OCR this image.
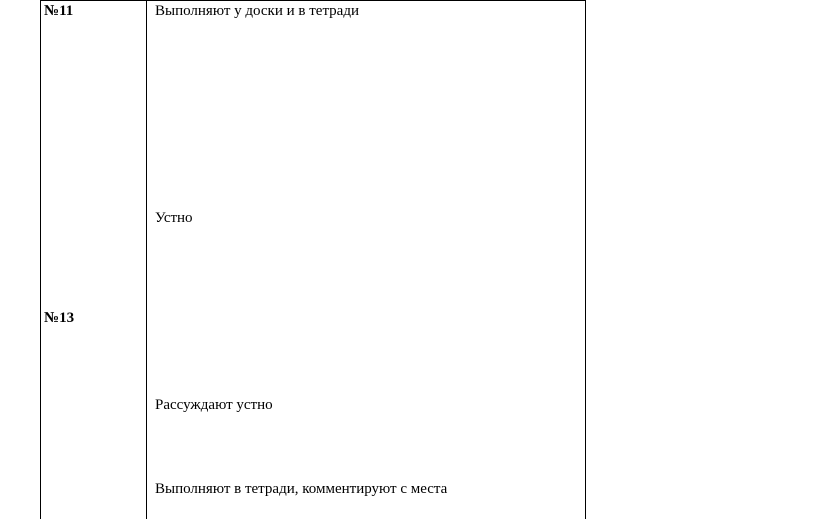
№11
№13
Выполняют у доски и в тетради
Устно
Рассуждают устно
Выполняют в тетради, комментируют с места
